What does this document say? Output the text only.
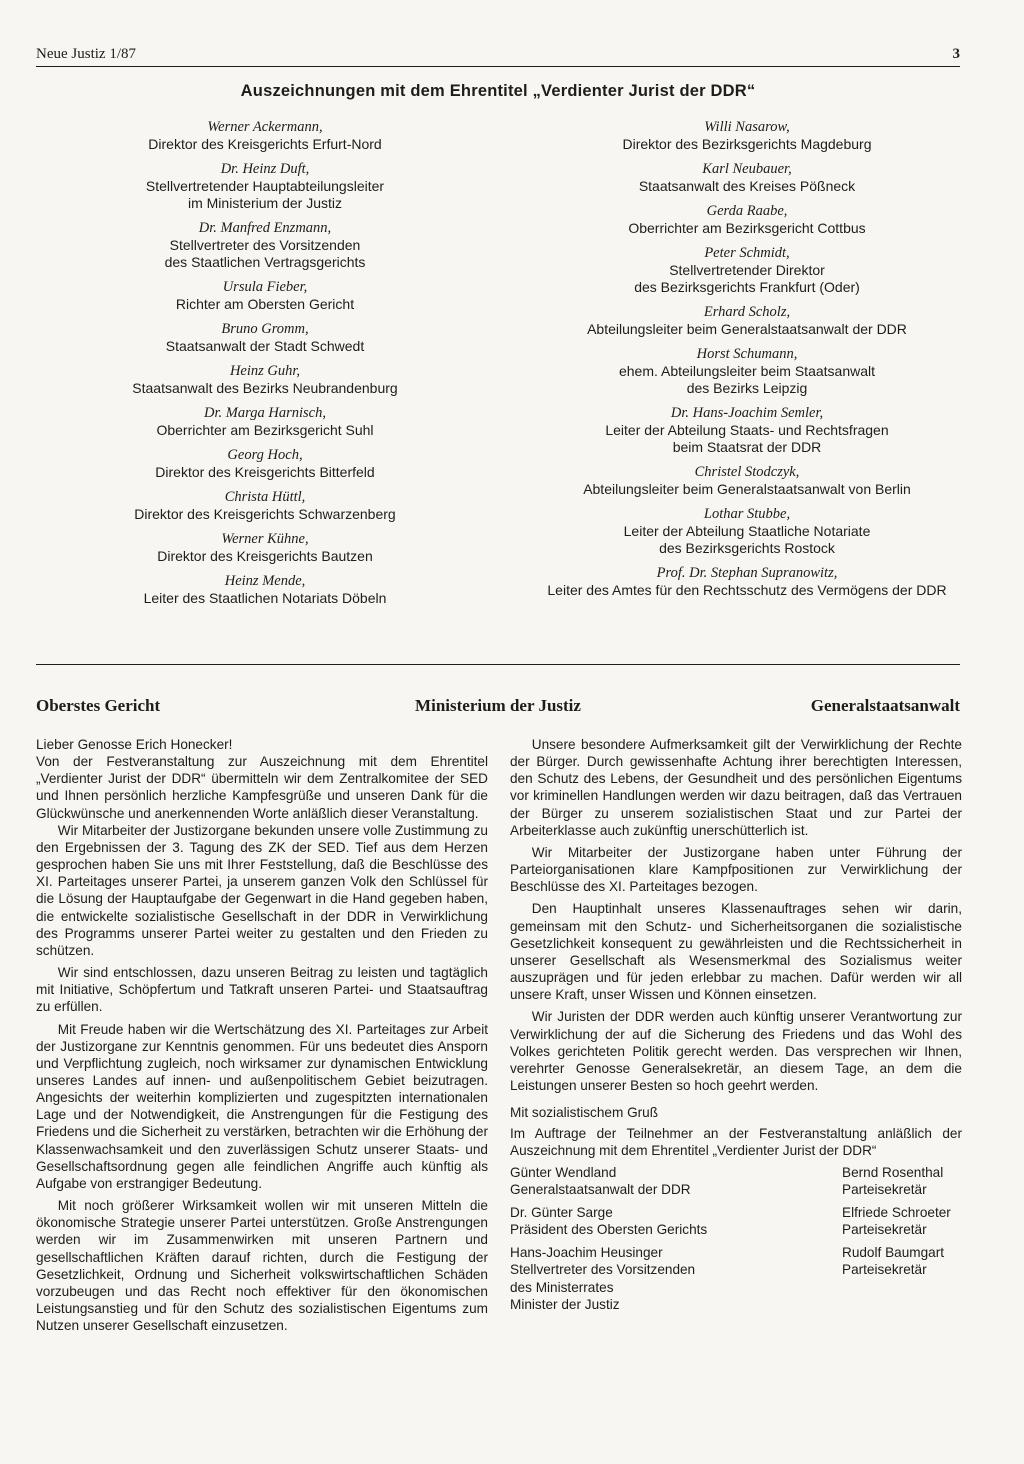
Neue Justiz 1/87	3
Auszeichnungen mit dem Ehrentitel „Verdienter Jurist der DDR“
Werner Ackermann,
Direktor des Kreisgerichts Erfurt-Nord
Dr. Heinz Duft,
Stellvertretender Hauptabteilungsleiter
im Ministerium der Justiz
Dr. Manfred Enzmann,
Stellvertreter des Vorsitzenden
des Staatlichen Vertragsgerichts
Ursula Fieber,
Richter am Obersten Gericht
Bruno Gromm,
Staatsanwalt der Stadt Schwedt
Heinz Guhr,
Staatsanwalt des Bezirks Neubrandenburg
Dr. Marga Harnisch,
Oberrichter am Bezirksgericht Suhl
Georg Hoch,
Direktor des Kreisgerichts Bitterfeld
Christa Hüttl,
Direktor des Kreisgerichts Schwarzenberg
Werner Kühne,
Direktor des Kreisgerichts Bautzen
Heinz Mende,
Leiter des Staatlichen Notariats Döbeln
Willi Nasarow,
Direktor des Bezirksgerichts Magdeburg
Karl Neubauer,
Staatsanwalt des Kreises Pößneck
Gerda Raabe,
Oberrichter am Bezirksgericht Cottbus
Peter Schmidt,
Stellvertretender Direktor
des Bezirksgerichts Frankfurt (Oder)
Erhard Scholz,
Abteilungsleiter beim Generalstaatsanwalt der DDR
Horst Schumann,
ehem. Abteilungsleiter beim Staatsanwalt
des Bezirks Leipzig
Dr. Hans-Joachim Semler,
Leiter der Abteilung Staats- und Rechtsfragen
beim Staatsrat der DDR
Christel Stodczyk,
Abteilungsleiter beim Generalstaatsanwalt von Berlin
Lothar Stubbe,
Leiter der Abteilung Staatliche Notariate
des Bezirksgerichts Rostock
Prof. Dr. Stephan Supranowitz,
Leiter des Amtes für den Rechtsschutz des Vermögens der DDR
Oberstes Gericht	Ministerium der Justiz	Generalstaatsanwalt

Lieber Genosse Erich Honecker!

Von der Festveranstaltung zur Auszeichnung mit dem Ehrentitel „Verdienter Jurist der DDR“ übermitteln wir dem Zentralkomitee der SED und Ihnen persönlich herzliche Kampfesgrüße und unseren Dank für die Glückwünsche und anerkennenden Worte anläßlich dieser Veranstaltung.

Wir Mitarbeiter der Justizorgane bekunden unsere volle Zustimmung zu den Ergebnissen der 3. Tagung des ZK der SED. Tief aus dem Herzen gesprochen haben Sie uns mit Ihrer Feststellung, daß die Beschlüsse des XI. Parteitages unserer Partei, ja unserem ganzen Volk den Schlüssel für die Lösung der Hauptaufgabe der Gegenwart in die Hand gegeben haben, die entwickelte sozialistische Gesellschaft in der DDR in Verwirklichung des Programms unserer Partei weiter zu gestalten und den Frieden zu schützen.

Wir sind entschlossen, dazu unseren Beitrag zu leisten und tagtäglich mit Initiative, Schöpfertum und Tatkraft unseren Partei- und Staatsauftrag zu erfüllen.

Mit Freude haben wir die Wertschätzung des XI. Parteitages zur Arbeit der Justizorgane zur Kenntnis genommen. Für uns bedeutet dies Ansporn und Verpflichtung zugleich, noch wirksamer zur dynamischen Entwicklung unseres Landes auf innen- und außenpolitischem Gebiet beizutragen. Angesichts der weiterhin komplizierten und zugespitzten internationalen Lage und der Notwendigkeit, die Anstrengungen für die Festigung des Friedens und die Sicherheit zu verstärken, betrachten wir die Erhöhung der Klassenwachsamkeit und den zuverlässigen Schutz unserer Staats- und Gesellschaftsordnung gegen alle feindlichen Angriffe auch künftig als Aufgabe von erstrangiger Bedeutung.

Mit noch größerer Wirksamkeit wollen wir mit unseren Mitteln die ökonomische Strategie unserer Partei unterstützen. Große Anstrengungen werden wir im Zusammenwirken mit unseren Partnern und gesellschaftlichen Kräften darauf richten, durch die Festigung der Gesetzlichkeit, Ordnung und Sicherheit volkswirtschaftlichen Schäden vorzubeugen und das Recht noch effektiver für den ökonomischen Leistungsanstieg und für den Schutz des sozialistischen Eigentums zum Nutzen unserer Gesellschaft einzusetzen.

Unsere besondere Aufmerksamkeit gilt der Verwirklichung der Rechte der Bürger. Durch gewissenhafte Achtung ihrer berechtigten Interessen, den Schutz des Lebens, der Gesundheit und des persönlichen Eigentums vor kriminellen Handlungen werden wir dazu beitragen, daß das Vertrauen der Bürger zu unserem sozialistischen Staat und zur Partei der Arbeiterklasse auch zukünftig unerschütterlich ist.

Wir Mitarbeiter der Justizorgane haben unter Führung der Parteiorganisationen klare Kampfpositionen zur Verwirklichung der Beschlüsse des XI. Parteitages bezogen.

Den Hauptinhalt unseres Klassenauftrages sehen wir darin, gemeinsam mit den Schutz- und Sicherheitsorganen die sozialistische Gesetzlichkeit konsequent zu gewährleisten und die Rechtssicherheit in unserer Gesellschaft als Wesensmerkmal des Sozialismus weiter auszuprägen und für jeden erlebbar zu machen. Dafür werden wir all unsere Kraft, unser Wissen und Können einsetzen.

Wir Juristen der DDR werden auch künftig unserer Verantwortung zur Verwirklichung der auf die Sicherung des Friedens und das Wohl des Volkes gerichteten Politik gerecht werden. Das versprechen wir Ihnen, verehrter Genosse Generalsekretär, an diesem Tage, an dem die Leistungen unserer Besten so hoch geehrt werden.

Mit sozialistischem Gruß
Im Auftrage der Teilnehmer an der Festveranstaltung anläßlich der Auszeichnung mit dem Ehrentitel „Verdienter Jurist der DDR“
Günter Wendland
Generalstaatsanwalt der DDR
Bernd Rosenthal
Parteisekretär
Dr. Günter Sarge
Präsident des Obersten Gerichts
Elfriede Schroeter
Parteisekretär
Hans-Joachim Heusinger
Stellvertreter des Vorsitzenden
des Ministerrates
Minister der Justiz
Rudolf Baumgart
Parteisekretär
